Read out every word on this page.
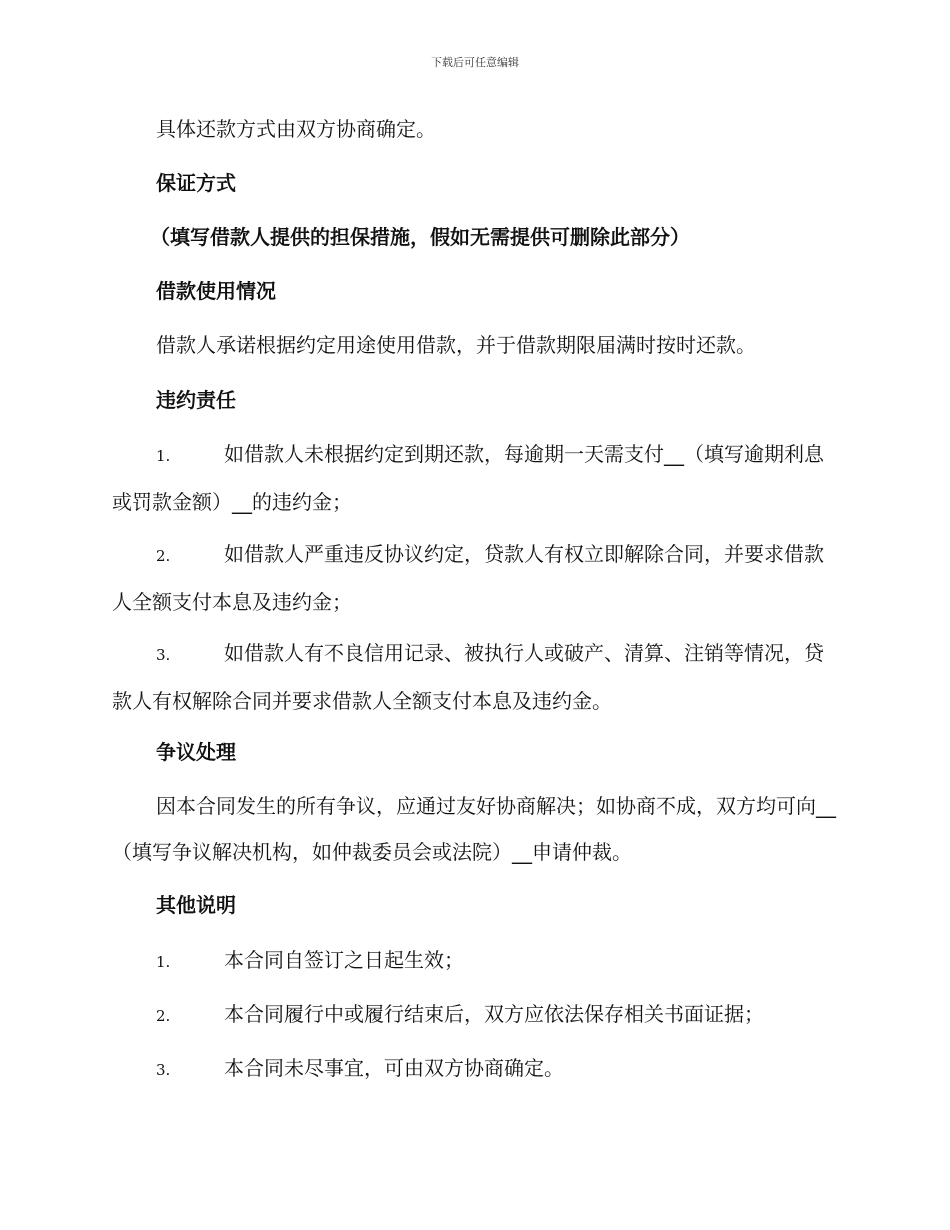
下载后可任意编辑

具体还款方式由双方协商确定。

保证方式

（填写借款人提供的担保措施，假如无需提供可删除此部分）

借款使用情况

借款人承诺根据约定用途使用借款，并于借款期限届满时按时还款。

违约责任

1.	如借款人未根据约定到期还款，每逾期一天需支付__（填写逾期利息或罚款金额）__的违约金；

2.	如借款人严重违反协议约定，贷款人有权立即解除合同，并要求借款人全额支付本息及违约金；

3.	如借款人有不良信用记录、被执行人或破产、清算、注销等情况，贷款人有权解除合同并要求借款人全额支付本息及违约金。

争议处理

因本合同发生的所有争议，应通过友好协商解决；如协商不成，双方均可向__（填写争议解决机构，如仲裁委员会或法院）__申请仲裁。

其他说明

1.	本合同自签订之日起生效；

2.	本合同履行中或履行结束后，双方应依法保存相关书面证据；

3.	本合同未尽事宜，可由双方协商确定。
